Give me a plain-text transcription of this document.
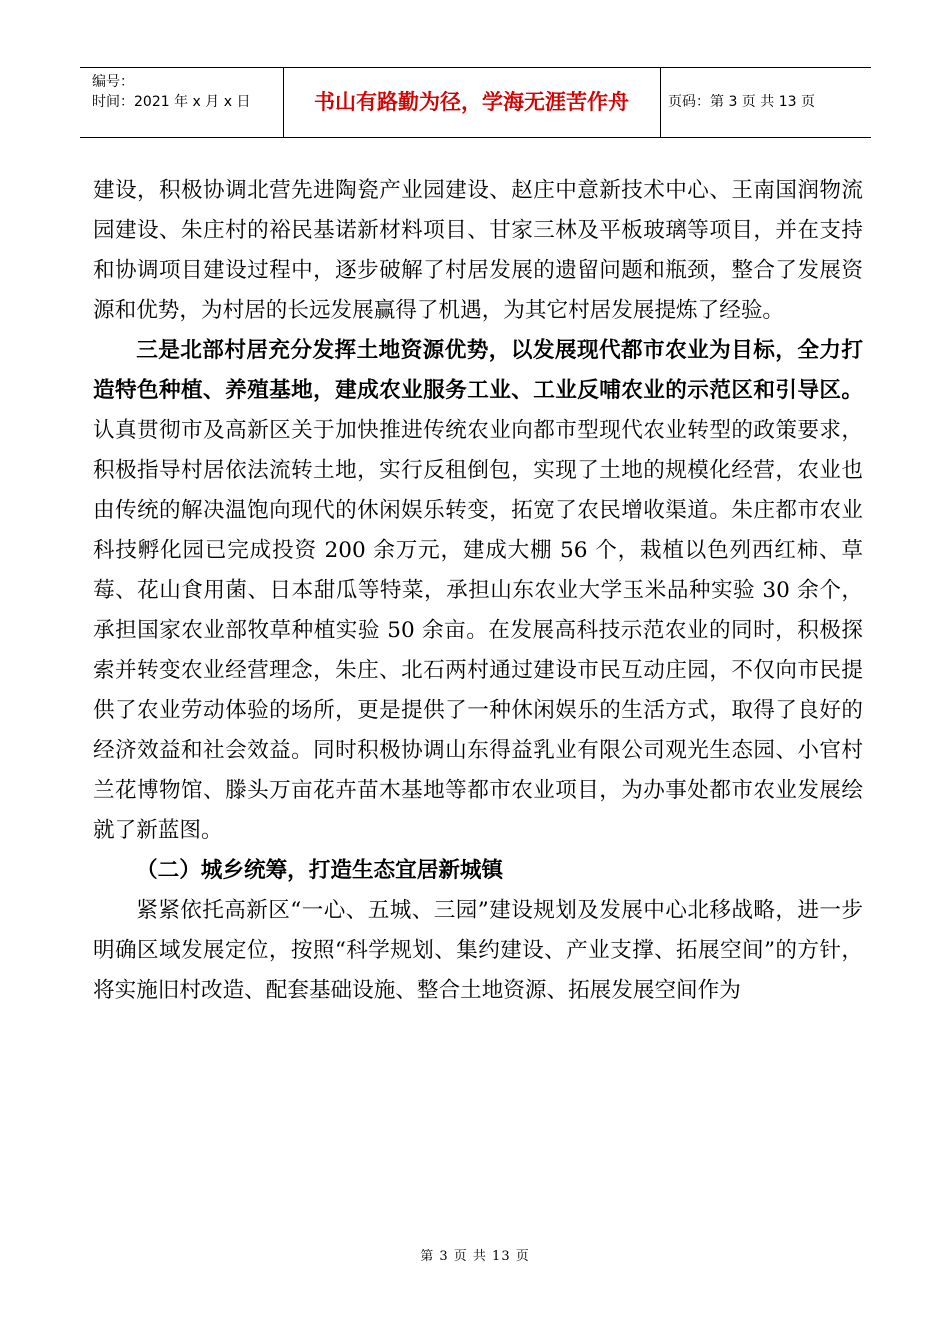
编号：
时间：2021 年 x 月 x 日	书山有路勤为径，学海无涯苦作舟	页码：第 3 页 共 13 页

建设，积极协调北营先进陶瓷产业园建设、赵庄中意新技术中心、王南国润物流园建设、朱庄村的裕民基诺新材料项目、甘家三林及平板玻璃等项目，并在支持和协调项目建设过程中，逐步破解了村居发展的遗留问题和瓶颈，整合了发展资源和优势，为村居的长远发展赢得了机遇，为其它村居发展提炼了经验。

三是北部村居充分发挥土地资源优势，以发展现代都市农业为目标，全力打造特色种植、养殖基地，建成农业服务工业、工业反哺农业的示范区和引导区。认真贯彻市及高新区关于加快推进传统农业向都市型现代农业转型的政策要求，积极指导村居依法流转土地，实行反租倒包，实现了土地的规模化经营，农业也由传统的解决温饱向现代的休闲娱乐转变，拓宽了农民增收渠道。朱庄都市农业科技孵化园已完成投资 200 余万元，建成大棚 56 个，栽植以色列西红柿、草莓、花山食用菌、日本甜瓜等特菜，承担山东农业大学玉米品种实验 30 余个，承担国家农业部牧草种植实验 50 余亩。在发展高科技示范农业的同时，积极探索并转变农业经营理念，朱庄、北石两村通过建设市民互动庄园，不仅向市民提供了农业劳动体验的场所，更是提供了一种休闲娱乐的生活方式，取得了良好的经济效益和社会效益。同时积极协调山东得益乳业有限公司观光生态园、小官村兰花博物馆、滕头万亩花卉苗木基地等都市农业项目，为办事处都市农业发展绘就了新蓝图。

（二）城乡统筹，打造生态宜居新城镇

紧紧依托高新区“一心、五城、三园”建设规划及发展中心北移战略，进一步明确区域发展定位，按照“科学规划、集约建设、产业支撑、拓展空间”的方针，将实施旧村改造、配套基础设施、整合土地资源、拓展发展空间作为

第 3 页 共 13 页
